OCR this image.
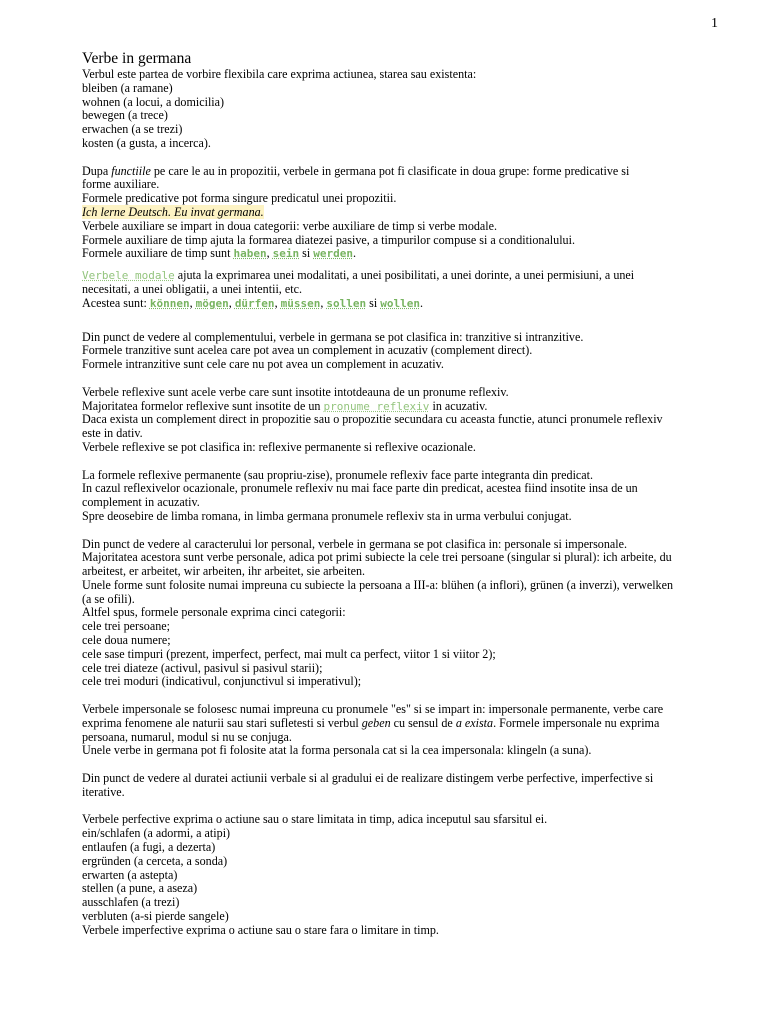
1
Verbe in germana
Verbul este partea de vorbire flexibila care exprima actiunea, starea sau existenta:
bleiben (a ramane)
wohnen (a locui, a domicilia)
bewegen (a trece)
erwachen (a se trezi)
kosten (a gusta, a incerca).
Dupa functiile pe care le au in propozitii, verbele in germana pot fi clasificate in doua grupe: forme predicative si
forme auxiliare.
Formele predicative pot forma singure predicatul unei propozitii.
Ich lerne Deutsch. Eu invat germana.
Verbele auxiliare se impart in doua categorii: verbe auxiliare de timp si verbe modale.
Formele auxiliare de timp ajuta la formarea diatezei pasive, a timpurilor compuse si a conditionalului.
Formele auxiliare de timp sunt haben, sein si werden.
Verbele modale ajuta la exprimarea unei modalitati, a unei posibilitati, a unei dorinte, a unei permisiuni, a unei
necesitati, a unei obligatii, a unei intentii, etc.
Acestea sunt: können, mögen, dürfen, müssen, sollen si wollen.
Din punct de vedere al complementului, verbele in germana se pot clasifica in: tranzitive si intranzitive.
Formele tranzitive sunt acelea care pot avea un complement in acuzativ (complement direct).
Formele intranzitive sunt cele care nu pot avea un complement in acuzativ.
Verbele reflexive sunt acele verbe care sunt insotite intotdeauna de un pronume reflexiv.
Majoritatea formelor reflexive sunt insotite de un pronume reflexiv in acuzativ.
Daca exista un complement direct in propozitie sau o propozitie secundara cu aceasta functie, atunci pronumele reflexiv
este in dativ.
Verbele reflexive se pot clasifica in: reflexive permanente si reflexive ocazionale.
La formele reflexive permanente (sau propriu-zise), pronumele reflexiv face parte integranta din predicat.
In cazul reflexivelor ocazionale, pronumele reflexiv nu mai face parte din predicat, acestea fiind insotite insa de un
complement in acuzativ.
Spre deosebire de limba romana, in limba germana pronumele reflexiv sta in urma verbului conjugat.
Din punct de vedere al caracterului lor personal, verbele in germana se pot clasifica in: personale si impersonale.
Majoritatea acestora sunt verbe personale, adica pot primi subiecte la cele trei persoane (singular si plural): ich arbeite, du
arbeitest, er arbeitet, wir arbeiten, ihr arbeitet, sie arbeiten.
Unele forme sunt folosite numai impreuna cu subiecte la persoana a III-a: blühen (a inflori), grünen (a inverzi), verwelken
(a se ofili).
Altfel spus, formele personale exprima cinci categorii:
cele trei persoane;
cele doua numere;
cele sase timpuri (prezent, imperfect, perfect, mai mult ca perfect, viitor 1 si viitor 2);
cele trei diateze (activul, pasivul si pasivul starii);
cele trei moduri (indicativul, conjunctivul si imperativul);
Verbele impersonale se folosesc numai impreuna cu pronumele "es" si se impart in: impersonale permanente, verbe care
exprima fenomene ale naturii sau stari sufletesti si verbul geben cu sensul de a exista. Formele impersonale nu exprima
persoana, numarul, modul si nu se conjuga.
Unele verbe in germana pot fi folosite atat la forma personala cat si la cea impersonala: klingeln (a suna).
Din punct de vedere al duratei actiunii verbale si al gradului ei de realizare distingem verbe perfective, imperfective si
iterative.
Verbele perfective exprima o actiune sau o stare limitata in timp, adica inceputul sau sfarsitul ei.
ein/schlafen (a adormi, a atipi)
entlaufen (a fugi, a dezerta)
ergründen (a cerceta, a sonda)
erwarten (a astepta)
stellen (a pune, a aseza)
ausschlafen (a trezi)
verbluten (a-si pierde sangele)
Verbele imperfective exprima o actiune sau o stare fara o limitare in timp.
